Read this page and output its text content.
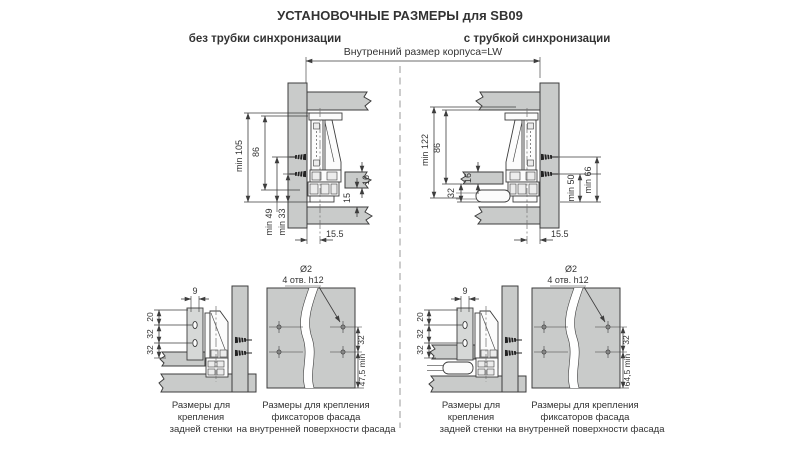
УСТАНОВОЧНЫЕ РАЗМЕРЫ для SB09
без трубки синхронизации	с трубкой синхронизации
Внутренний размер корпуса=LW
min 105 86
min 49 min 33
16
15
15.5
min 122 86
16
32	min 50 min 66
15.5
9
20
32
32
Размеры для
крепления
задней стенки
Ø2
4 отв. h12
32
47,5 min
Размеры для крепления
фиксаторов фасада
на внутренней поверхности фасада
9
20
32
32
Размеры для
крепления
задней стенки
Ø2
4 отв. h12
32
64,5 min
Размеры для крепления
фиксаторов фасада
на внутренней поверхности фасада
